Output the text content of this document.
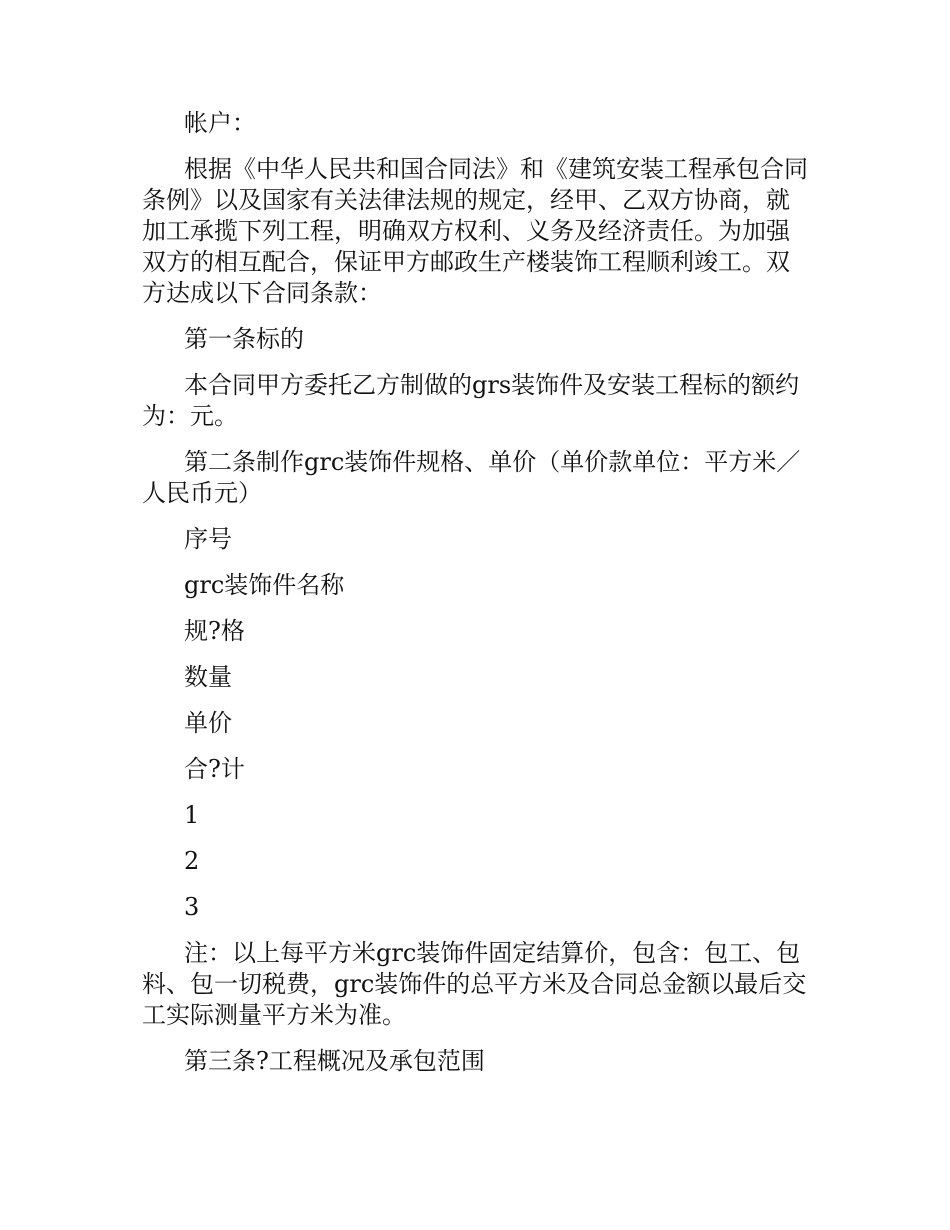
帐户：

根据《中华人民共和国合同法》和《建筑安装工程承包合同条例》以及国家有关法律法规的规定，经甲、乙双方协商，就加工承揽下列工程，明确双方权利、义务及经济责任。为加强双方的相互配合，保证甲方邮政生产楼装饰工程顺利竣工。双方达成以下合同条款：

第一条标的

本合同甲方委托乙方制做的grs装饰件及安装工程标的额约为：元。

第二条制作grc装饰件规格、单价（单价款单位：平方米／人民币元）

序号

grc装饰件名称

规?格

数量

单价

合?计

1

2

3

注：以上每平方米grc装饰件固定结算价，包含：包工、包料、包一切税费，grc装饰件的总平方米及合同总金额以最后交工实际测量平方米为准。

第三条?工程概况及承包范围
